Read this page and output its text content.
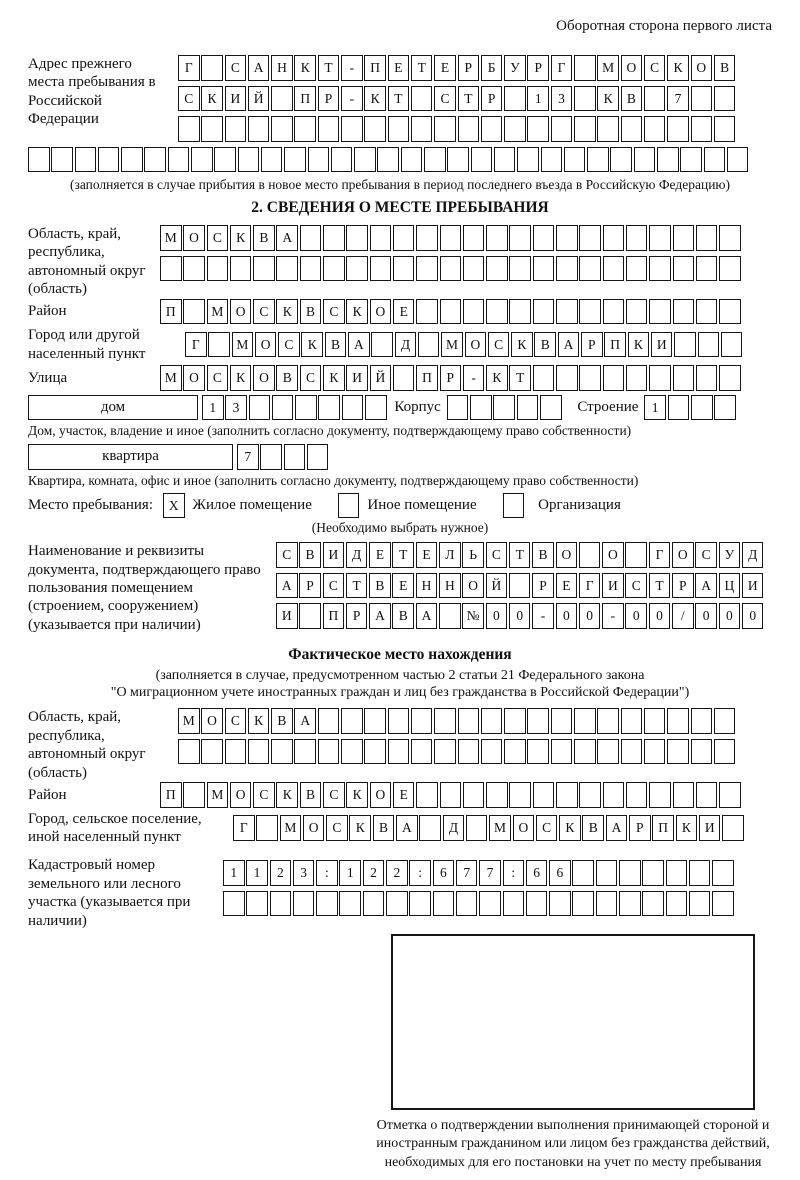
Оборотная сторона первого листа
Адрес прежнего места пребывания в Российской Федерации
Г	С	А	Н	К	Т	-	П	Е	Т	Е	Р	Б	У	Р	Г	М О	С	К	О	В
С	К	И	Й	П	Р	-	К	Т	С	Т	Р	1	3	К	В	7
(заполняется в случае прибытия в новое место пребывания в период последнего въезда в Российскую Федерацию)
2. СВЕДЕНИЯ О МЕСТЕ ПРЕБЫВАНИЯ
Область, край, республика, автономный округ (область)
М О	С	К	В	А
Район	П	М О	С	К	В	С	К	О	Е
Город или другой населенный пункт
Г	М О	С	К	В	А	Д	М О	С	К	В	А	Р	П	К	И
Улица	М О	С	К	О	В	С	К	И	Й	П	Р	-	К	Т
дом	1	3	Корпус	Строение 1
Дом, участок, владение и иное (заполнить согласно документу, подтверждающему право собственности)
квартира	7
Квартира, комната, офис и иное (заполнить согласно документу, подтверждающему право собственности)
Место пребывания:	X Жилое помещение	Иное помещение	Организация
(Необходимо выбрать нужное)
Наименование и реквизиты документа, подтверждающего право пользования помещением (строением, сооружением) (указывается при наличии)
С	В	И	Д	Е	Т	Е	Л	Ь	С	Т	В	О	О	Г	О	С	У	Д
А	Р	С	Т	В	Е	Н	Н	О	Й	Р	Е	Г	И	С	Т	Р	А	Ц	И
И	П	Р	А	В	А	№ 0	0	-	0	0	-	0	0	/	0	0	0
Фактическое место нахождения
(заполняется в случае, предусмотренном частью 2 статьи 21 Федерального закона
"О миграционном учете иностранных граждан и лиц без гражданства в Российской Федерации")
Область, край, республика, автономный округ (область)
М О	С	К	В	А
Район	П	М О	С	К	В	С	К	О	Е
Город, сельское поселение, иной населенный пункт
Г	М О	С	К	В	А	Д	М О	С	К	В	А	Р	П	К	И
Кадастровый номер земельного или лесного участка (указывается при наличии)
1	1	2	3	:	1	2	2	:	6	7	7	:	6	6
Отметка о подтверждении выполнения принимающей стороной и иностранным гражданином или лицом без гражданства действий, необходимых для его постановки на учет по месту пребывания
